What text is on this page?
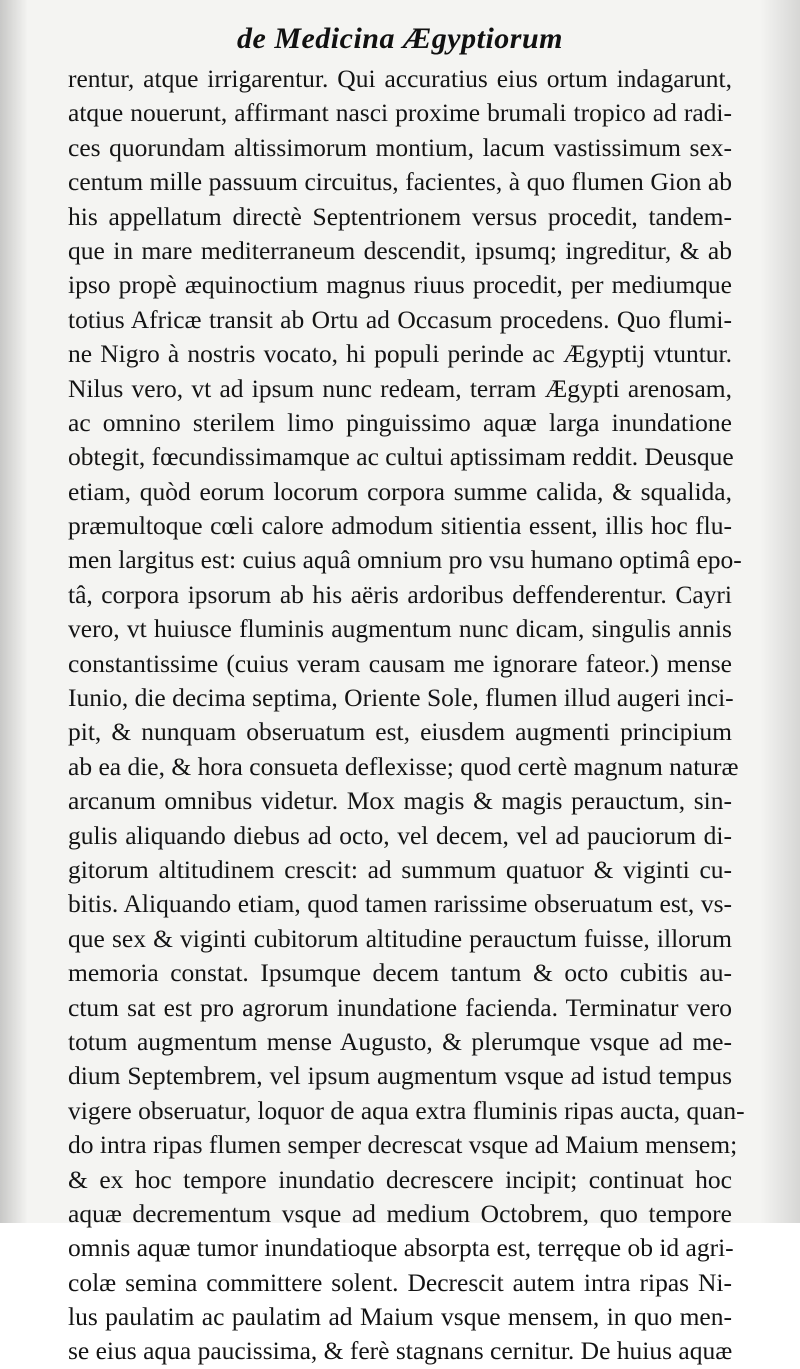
de Medicina Ægyptiorum
rentur, atque irrigarentur. Qui accuratius eius ortum indagarunt,
atque nouerunt, affirmant nasci proxime brumali tropico ad radi-
ces quorundam altissimorum montium, lacum vastissimum sex-
centum mille passuum circuitus, facientes, à quo flumen Gion ab
his appellatum directè Septentrionem versus procedit, tandem-
que in mare mediterraneum descendit, ipsumq; ingreditur, & ab
ipso propè æquinoctium magnus riuus procedit, per mediumque
totius Africæ transit ab Ortu ad Occasum procedens. Quo flumi-
ne Nigro à nostris vocato, hi populi perinde ac Ægyptij vtuntur.
Nilus vero, vt ad ipsum nunc redeam, terram Ægypti arenosam,
ac omnino sterilem limo pinguissimo aquæ larga inundatione
obtegit, fœcundissimamque ac cultui aptissimam reddit. Deusque
etiam, quòd eorum locorum corpora summe calida, & squalida,
præmultoque cœli calore admodum sitientia essent, illis hoc flu-
men largitus est: cuius aquâ omnium pro vsu humano optimâ epo-
tâ, corpora ipsorum ab his aëris ardoribus deffenderentur. Cayri
vero, vt huiusce fluminis augmentum nunc dicam, singulis annis
constantissime (cuius veram causam me ignorare fateor.) mense
Iunio, die decima septima, Oriente Sole, flumen illud augeri inci-
pit, & nunquam obseruatum est, eiusdem augmenti principium
ab ea die, & hora consueta deflexisse; quod certè magnum naturæ
arcanum omnibus videtur. Mox magis & magis perauctum, sin-
gulis aliquando diebus ad octo, vel decem, vel ad pauciorum di-
gitorum altitudinem crescit: ad summum quatuor & viginti cu-
bitis. Aliquando etiam, quod tamen rarissime obseruatum est, vs-
que sex & viginti cubitorum altitudine perauctum fuisse, illorum
memoria constat. Ipsumque decem tantum & octo cubitis au-
ctum sat est pro agrorum inundatione facienda. Terminatur vero
totum augmentum mense Augusto, & plerumque vsque ad me-
dium Septembrem, vel ipsum augmentum vsque ad istud tempus
vigere obseruatur, loquor de aqua extra fluminis ripas aucta, quan-
do intra ripas flumen semper decrescat vsque ad Maium mensem;
& ex hoc tempore inundatio decrescere incipit; continuat hoc
aquæ decrementum vsque ad medium Octobrem, quo tempore
omnis aquæ tumor inundatioque absorpta est, terręque ob id agri-
colæ semina committere solent. Decrescit autem intra ripas Ni-
lus paulatim ac paulatim ad Maium vsque mensem, in quo men-
se eius aqua paucissima, & ferè stagnans cernitur. De huius aquæ
